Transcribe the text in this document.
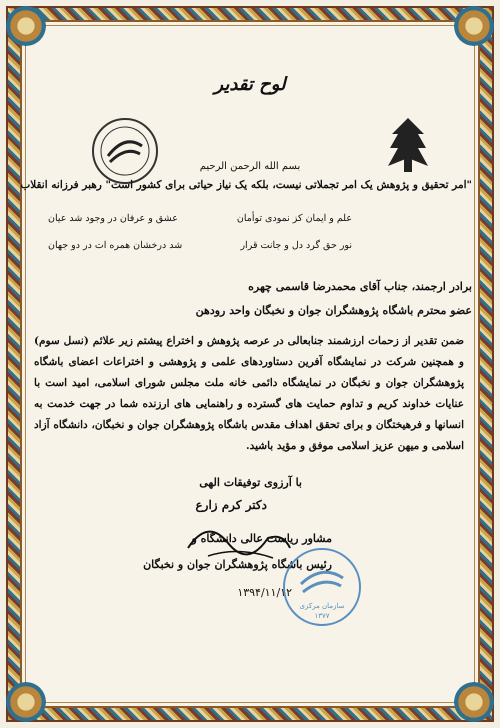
لوح تقدیر
بسم الله الرحمن الرحیم
"امر تحقیق و پژوهش یک امر تجملاتی نیست، بلکه یک نیاز حیاتی برای کشور است" رهبر فرزانه انقلاب
علم و ایمان کز نمودی توأمان
عشق و عرفان در وجود شد عیان
نور حق گرد دل و جانت قرار
شد درخشان همره ات در دو جهان
برادر ارجمند، جناب آقای محمدرضا قاسمی چهره
عضو محترم باشگاه پژوهشگران جوان و نخبگان واحد رودهن
ضمن تقدیر از زحمات ارزشمند جنابعالی در عرصه پژوهش و اختراع پیشتم زیر علائم (نسل سوم) و همچنین شرکت در نمایشگاه آفرین دستاوردهای علمی و پژوهشی و اختراعات اعضای باشگاه پژوهشگران جوان و نخبگان در نمایشگاه دائمی خانه ملت مجلس شورای اسلامی، امید است با عنایات خداوند کریم و تداوم حمایت های گسترده و راهنمایی های ارزنده شما در جهت خدمت به انسانها و فرهیختگان و برای تحقق اهداف مقدس باشگاه پژوهشگران جوان و نخبگان، دانشگاه آزاد اسلامی و میهن عزیز اسلامی موفق و مؤید باشید.
با آرزوی توفیقات الهی
دکتر کرم زارع
مشاور ریاست عالی دانشگاه و
رئیس باشگاه پژوهشگران جوان و نخبگان
۱۳۹۴/۱۱/۱۲
سازمان مرکزی
۱۳۷۷
